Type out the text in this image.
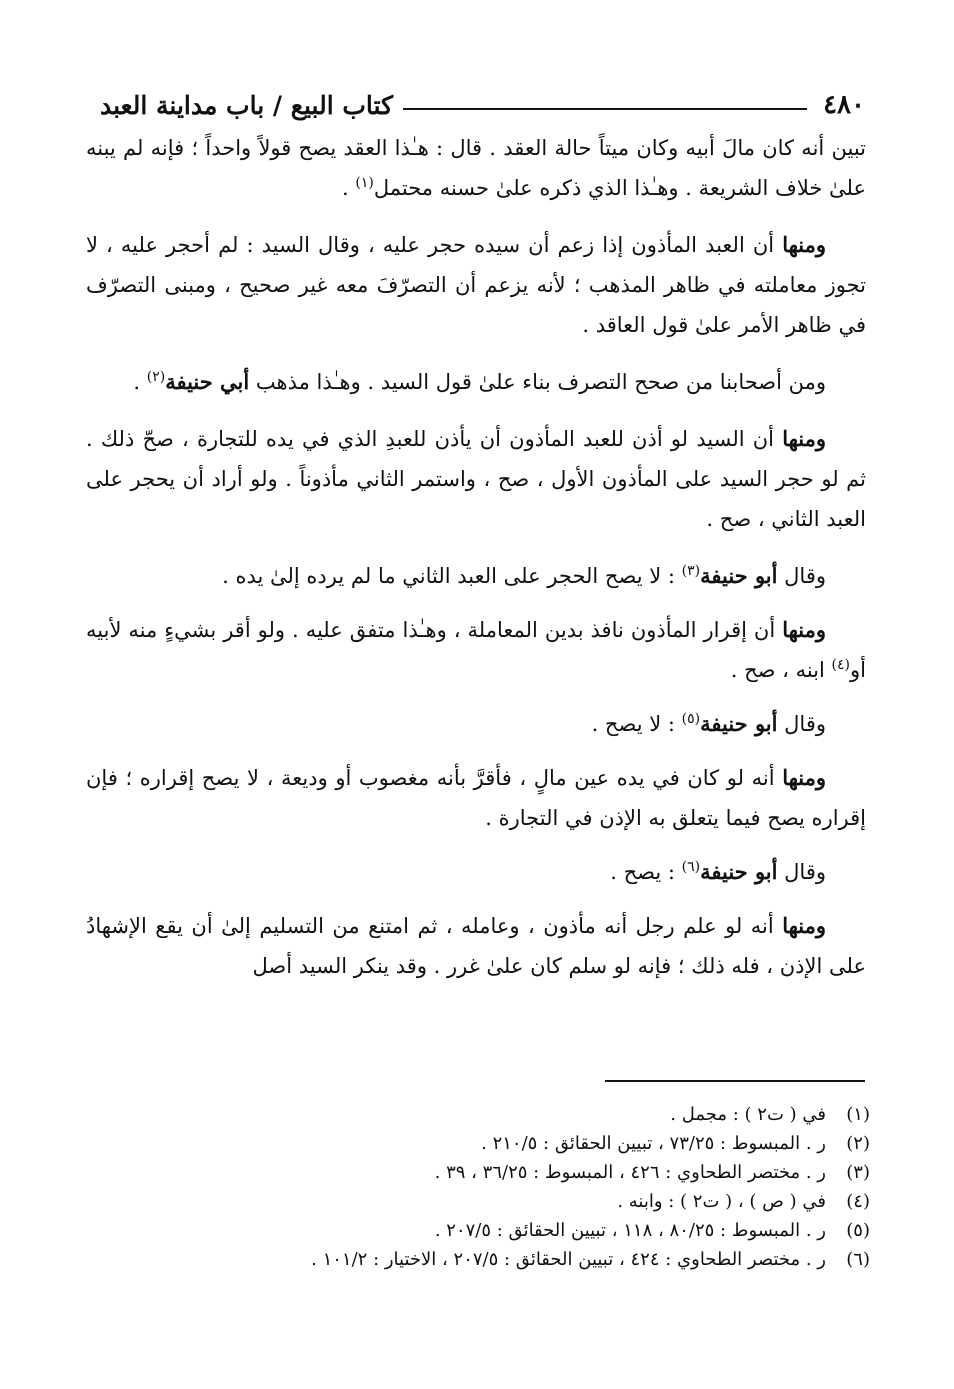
٤٨٠
كتاب البيع / باب مداينة العبد

تبين أنه كان مالَ أبيه وكان ميتاً حالة العقد . قال : هـٰذا العقد يصح قولاً واحداً ؛ فإنه لم يبنه علىٰ خلاف الشريعة . وهـٰذا الذي ذكره علىٰ حسنه محتمل$^{(١)}$ .

ومنها أن العبد المأذون إذا زعم أن سيده حجر عليه ، وقال السيد : لم أحجر عليه ، لا تجوز معاملته في ظاهر المذهب ؛ لأنه يزعم أن التصرّفَ معه غير صحيح ، ومبنى التصرّف في ظاهر الأمر علىٰ قول العاقد .

ومن أصحابنا من صحح التصرف بناء علىٰ قول السيد . وهـٰذا مذهب أبي حنيفة$^{(٢)}$ .

ومنها أن السيد لو أذن للعبد المأذون أن يأذن للعبدِ الذي في يده للتجارة ، صحّ ذلك . ثم لو حجر السيد على المأذون الأول ، صح ، واستمر الثاني مأذوناً . ولو أراد أن يحجر على العبد الثاني ، صح .

وقال أبو حنيفة$^{(٣)}$ : لا يصح الحجر على العبد الثاني ما لم يرده إلىٰ يده .

ومنها أن إقرار المأذون نافذ بدين المعاملة ، وهـٰذا متفق عليه . ولو أقر بشيءٍ منه لأبيه أو$^{(٤)}$ ابنه ، صح .

وقال أبو حنيفة$^{(٥)}$ : لا يصح .

ومنها أنه لو كان في يده عين مالٍ ، فأقرَّ بأنه مغصوب أو وديعة ، لا يصح إقراره ؛ فإن إقراره يصح فيما يتعلق به الإذن في التجارة .

وقال أبو حنيفة$^{(٦)}$ : يصح .

ومنها أنه لو علم رجل أنه مأذون ، وعامله ، ثم امتنع من التسليم إلىٰ أن يقع الإشهادُ على الإذن ، فله ذلك ؛ فإنه لو سلم كان علىٰ غرر . وقد ينكر السيد أصل

(١)في ( ت٢ ) : مجمل .
(٢)ر . المبسوط : ٧٣/٢٥ ، تبيين الحقائق : ٢١٠/٥ .
(٣)ر . مختصر الطحاوي : ٤٢٦ ، المبسوط : ٣٦/٢٥ ، ٣٩ .
(٤)في ( ص ) ، ( ت٢ ) : وابنه .
(٥)ر . المبسوط : ٨٠/٢٥ ، ١١٨ ، تبيين الحقائق : ٢٠٧/٥ .
(٦)ر . مختصر الطحاوي : ٤٢٤ ، تبيين الحقائق : ٢٠٧/٥ ، الاختيار : ١٠١/٢ .
